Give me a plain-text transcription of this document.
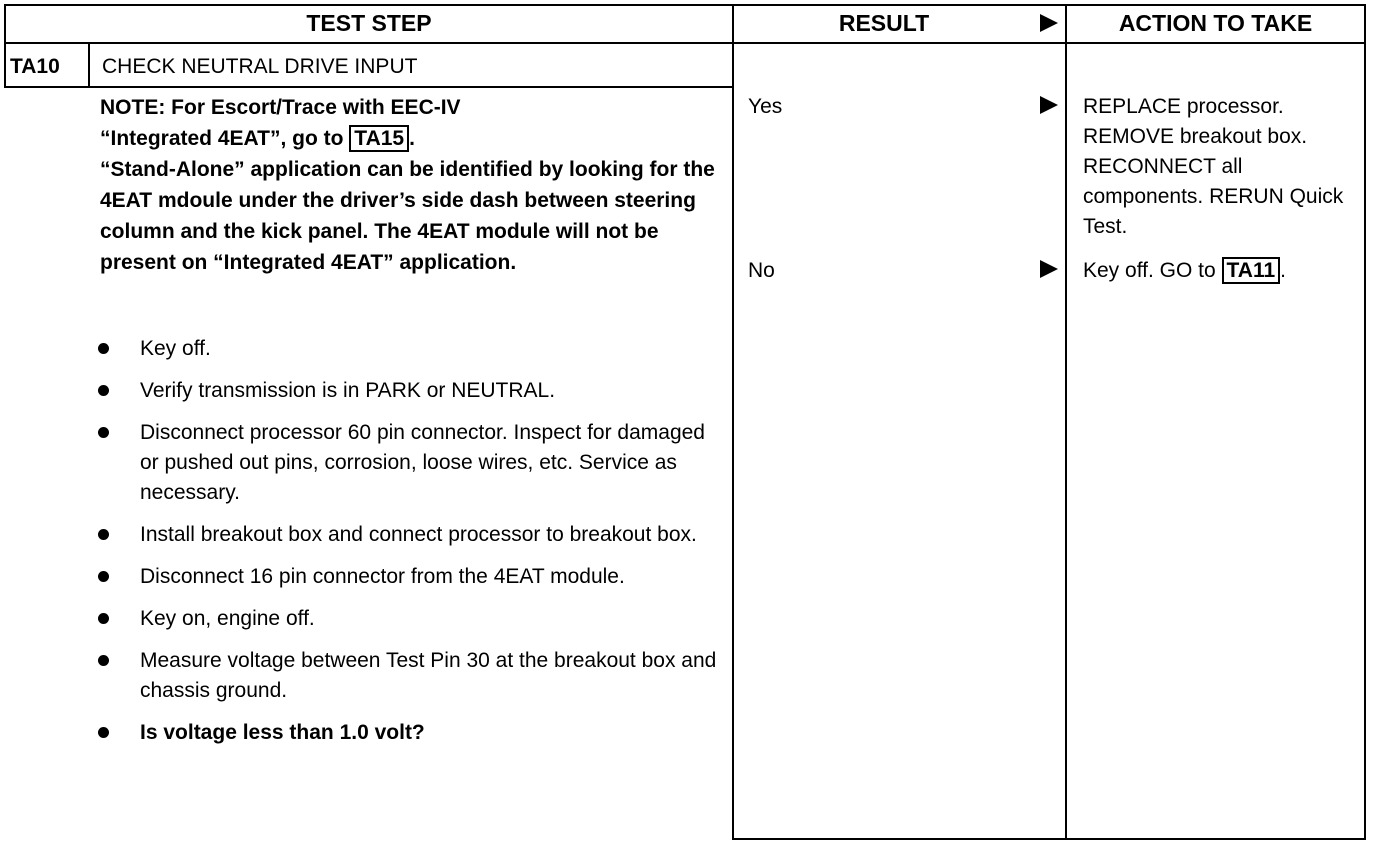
TEST STEP	RESULT	ACTION TO TAKE
TA10 CHECK NEUTRAL DRIVE INPUT

NOTE: For Escort/Trace with EEC-IV

“Integrated 4EAT”, go to TA15 .

“Stand-Alone” application can be identified by looking for the 4EAT mdoule under the driver’s side dash between steering column and the kick panel. The 4EAT module will not be present on “Integrated 4EAT” application.

Key off.
Verify transmission is in PARK or NEUTRAL.
Disconnect processor 60 pin connector. Inspect for damaged or pushed out pins, corrosion, loose wires, etc. Service as necessary.
Install breakout box and connect processor to breakout box.
Disconnect 16 pin connector from the 4EAT module.
Key on, engine off.
Measure voltage between Test Pin 30 at the breakout box and chassis ground.
Is voltage less than 1.0 volt?
Yes
No

REPLACE processor. REMOVE breakout box. RECONNECT all components. RERUN Quick Test.

Key off. GO to TA11 .
